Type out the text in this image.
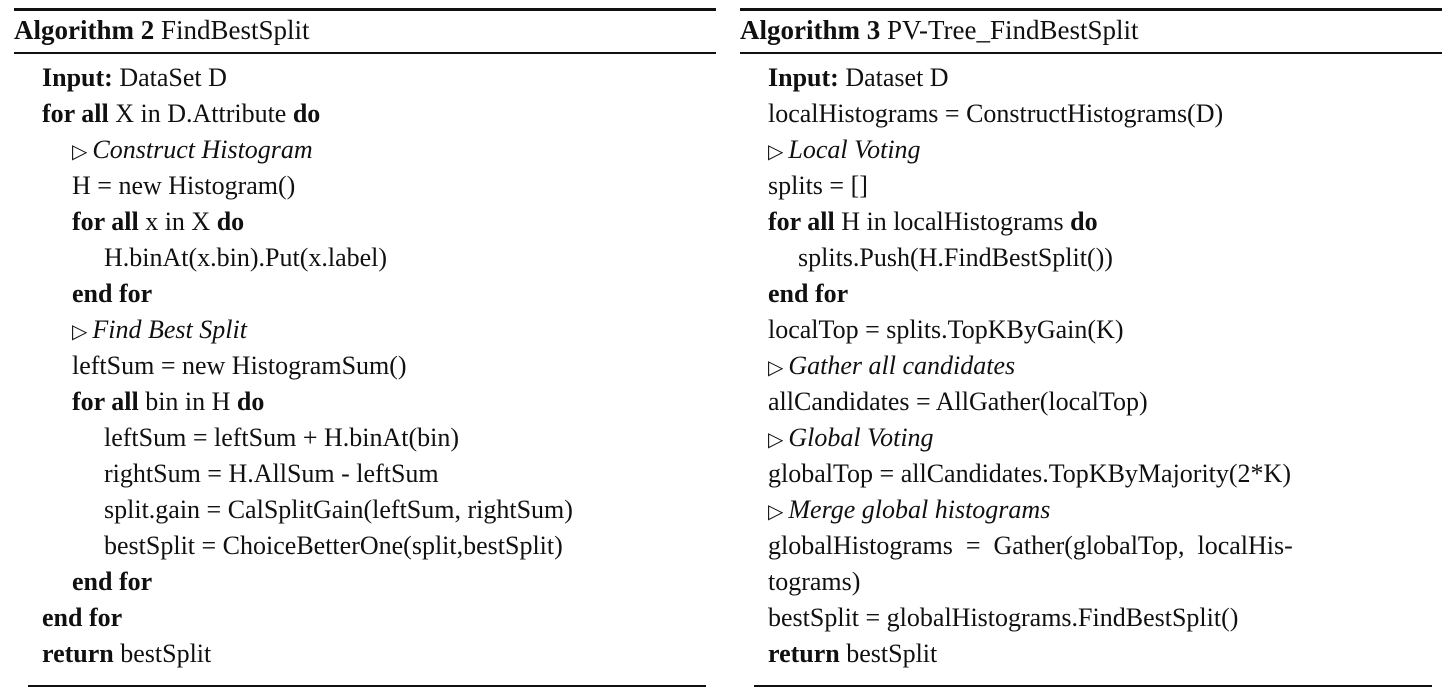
Algorithm 2 FindBestSplit
Input: DataSet D
for all X in D.Attribute do
▷ Construct Histogram
H = new Histogram()
for all x in X do
H.binAt(x.bin).Put(x.label)
end for
▷ Find Best Split
leftSum = new HistogramSum()
for all bin in H do
leftSum = leftSum + H.binAt(bin)
rightSum = H.AllSum - leftSum
split.gain = CalSplitGain(leftSum, rightSum)
bestSplit = ChoiceBetterOne(split,bestSplit)
end for
end for
return bestSplit
Algorithm 3 PV-Tree_FindBestSplit
Input: Dataset D
localHistograms = ConstructHistograms(D)
▷ Local Voting
splits = []
for all H in localHistograms do
splits.Push(H.FindBestSplit())
end for
localTop = splits.TopKByGain(K)
▷ Gather all candidates
allCandidates = AllGather(localTop)
▷ Global Voting
globalTop = allCandidates.TopKByMajority(2*K)
▷ Merge global histograms
globalHistograms  =  Gather(globalTop,  localHis-
tograms)
bestSplit = globalHistograms.FindBestSplit()
return bestSplit
